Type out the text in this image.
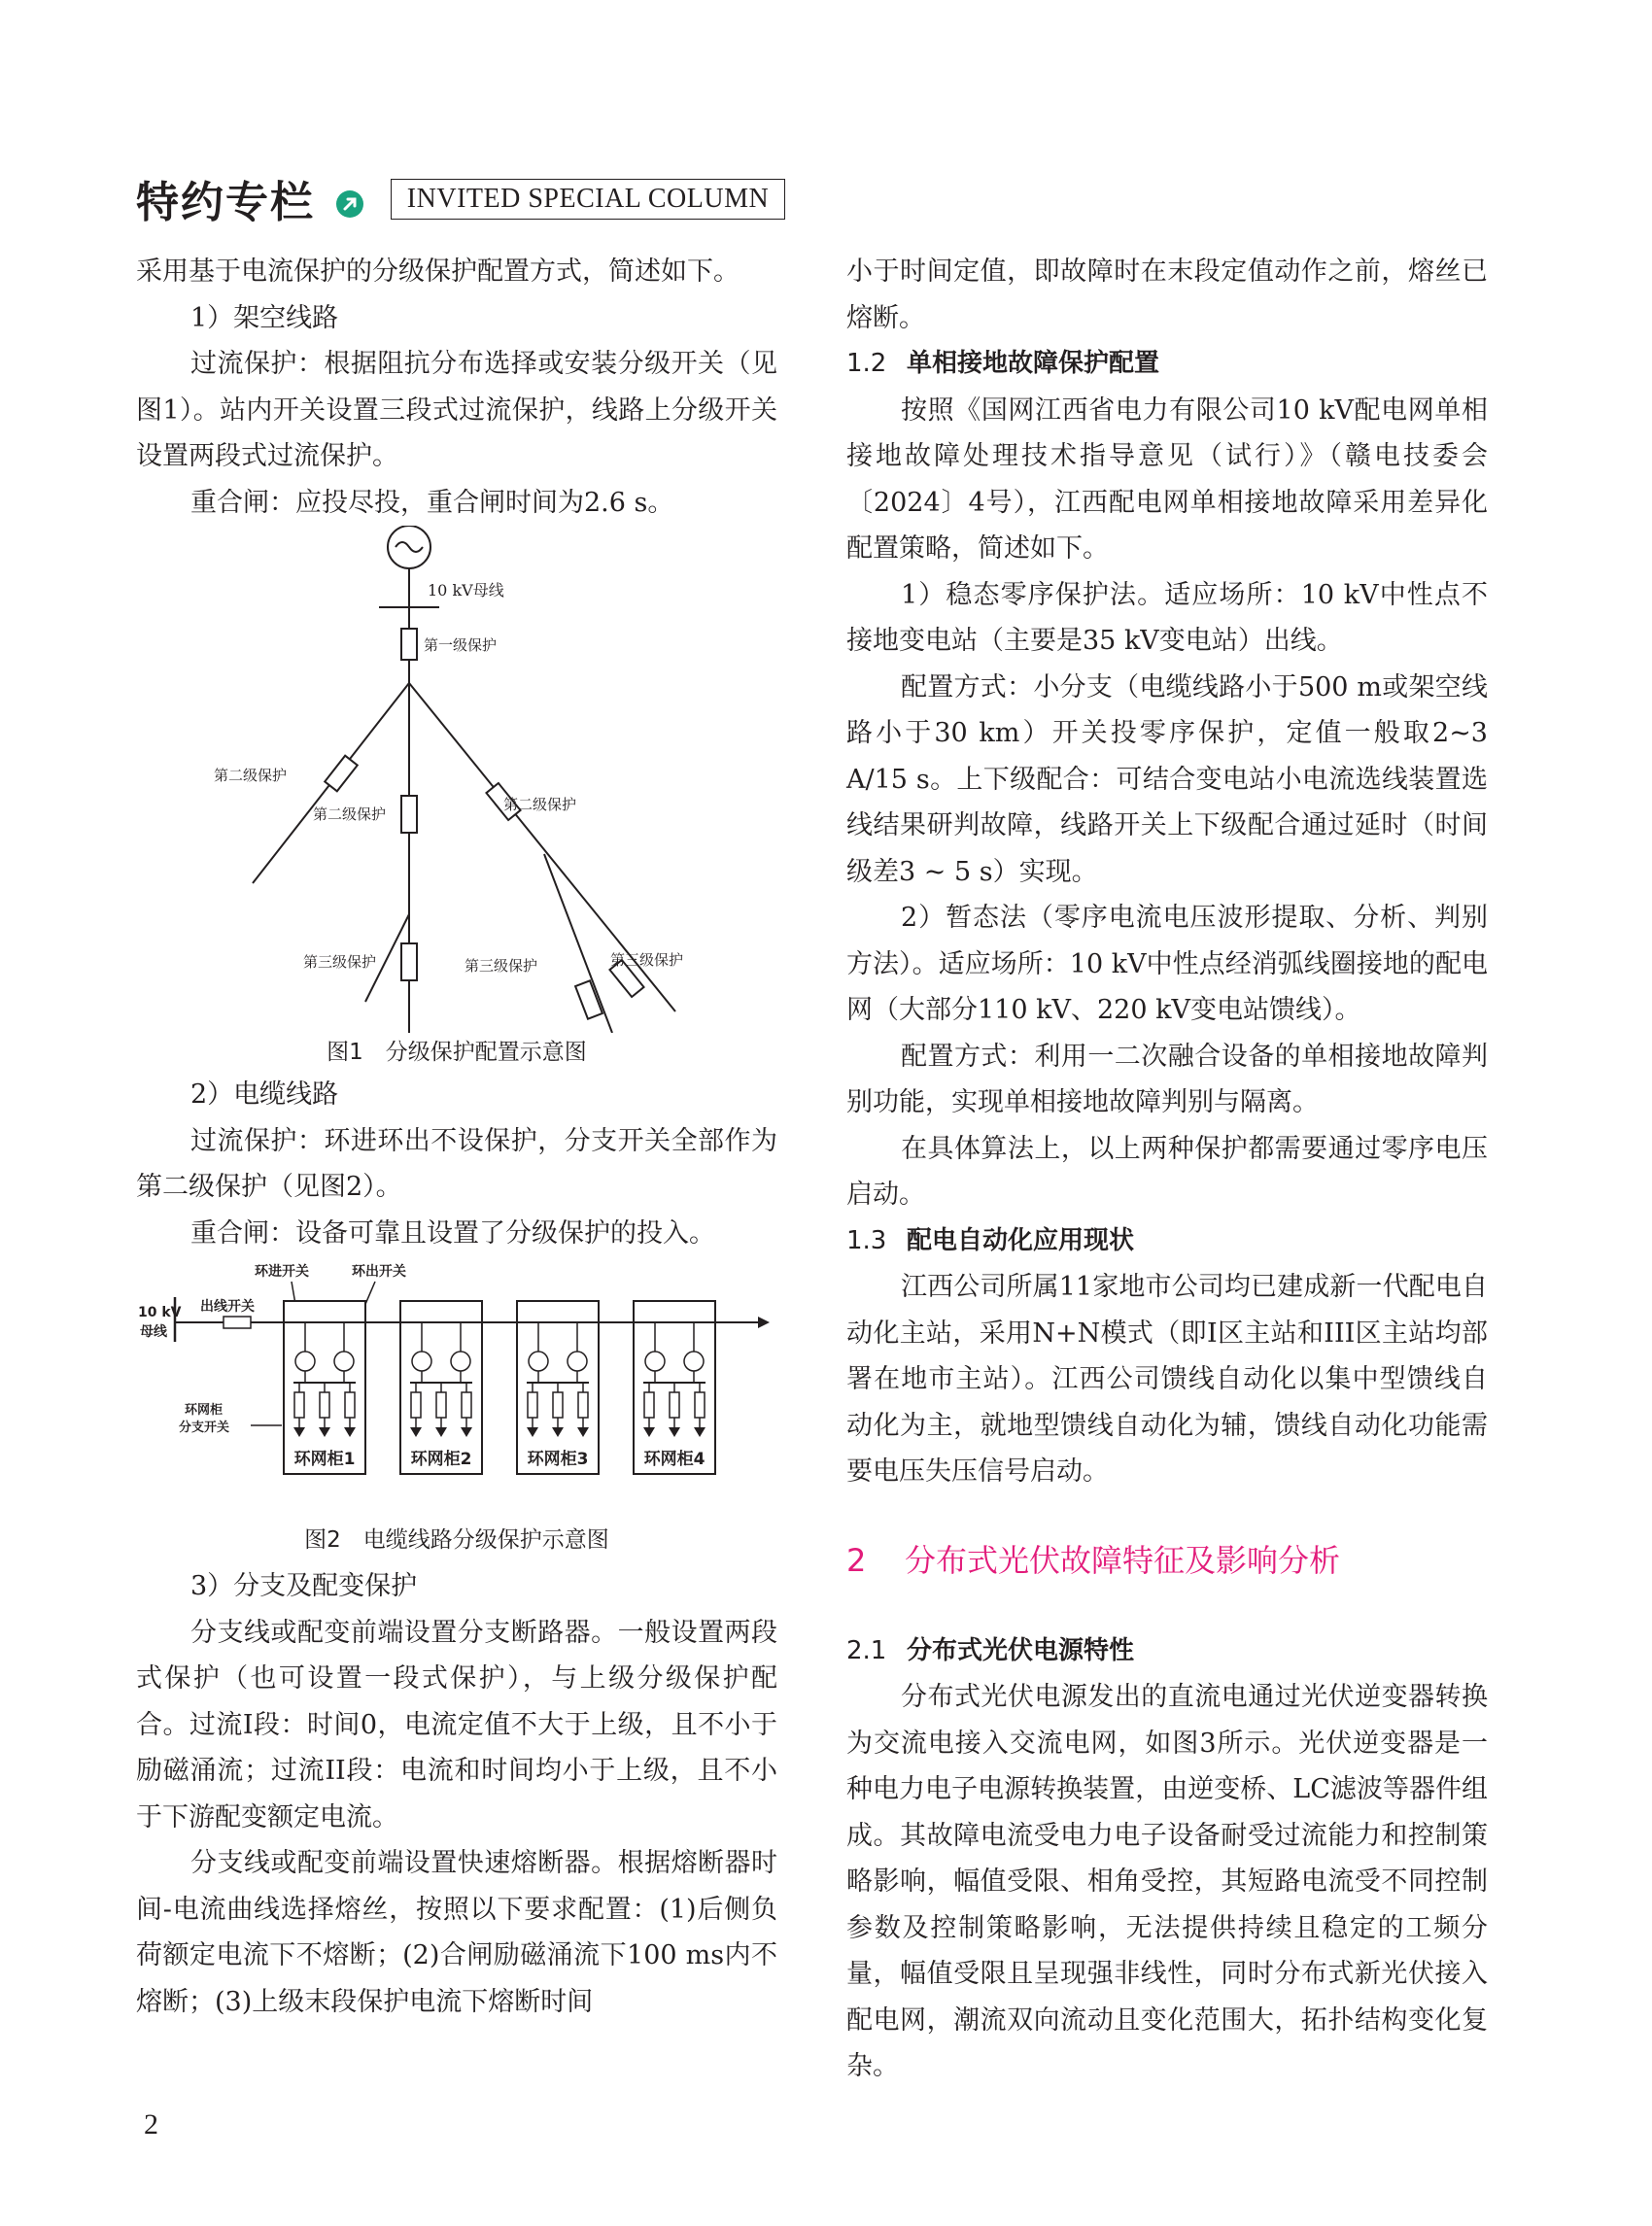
特约专栏	INVITED SPECIAL COLUMN

采用基于电流保护的分级保护配置方式，简述如下。

1）架空线路

过流保护：根据阻抗分布选择或安装分级开关（见图1）。站内开关设置三段式过流保护，线路上分级开关设置两段式过流保护。

重合闸：应投尽投，重合闸时间为2.6 s。

10 kV母线
第一级保护
第二级保护
第二级保护
第二级保护
第三级保护	第三级保护	第三级保护
图1　分级保护配置示意图

2）电缆线路

过流保护：环进环出不设保护，分支开关全部作为第二级保护（见图2）。

重合闸：设备可靠且设置了分级保护的投入。

环进开关	环出开关
10 kV
母线
出线开关
环网柜
分支开关
环网柜1	环网柜2	环网柜3	环网柜4
图2　电缆线路分级保护示意图

3）分支及配变保护

分支线或配变前端设置分支断路器。一般设置两段式保护（也可设置一段式保护），与上级分级保护配合。过流I段：时间0，电流定值不大于上级，且不小于励磁涌流；过流II段：电流和时间均小于上级，且不小于下游配变额定电流。

分支线或配变前端设置快速熔断器。根据熔断器时间-电流曲线选择熔丝，按照以下要求配置：(1)后侧负荷额定电流下不熔断；(2)合闸励磁涌流下100 ms内不熔断；(3)上级末段保护电流下熔断时间

小于时间定值，即故障时在末段定值动作之前，熔丝已熔断。

1.2 单相接地故障保护配置

按照《国网江西省电力有限公司10 kV配电网单相接地故障处理技术指导意见（试行）》（赣电技委会〔2024〕4号），江西配电网单相接地故障采用差异化配置策略，简述如下。

1）稳态零序保护法。适应场所：10 kV中性点不接地变电站（主要是35 kV变电站）出线。

配置方式：小分支（电缆线路小于500 m或架空线路小于30 km）开关投零序保护，定值一般取2~3 A/15 s。上下级配合：可结合变电站小电流选线装置选线结果研判故障，线路开关上下级配合通过延时（时间级差3 ~ 5 s）实现。

2）暂态法（零序电流电压波形提取、分析、判别方法）。适应场所：10 kV中性点经消弧线圈接地的配电网（大部分110 kV、220 kV变电站馈线）。

配置方式：利用一二次融合设备的单相接地故障判别功能，实现单相接地故障判别与隔离。

在具体算法上，以上两种保护都需要通过零序电压启动。

1.3 配电自动化应用现状

江西公司所属11家地市公司均已建成新一代配电自动化主站，采用N+N模式（即I区主站和III区主站均部署在地市主站）。江西公司馈线自动化以集中型馈线自动化为主，就地型馈线自动化为辅，馈线自动化功能需要电压失压信号启动。

2 分布式光伏故障特征及影响分析
2.1 分布式光伏电源特性

分布式光伏电源发出的直流电通过光伏逆变器转换为交流电接入交流电网，如图3所示。光伏逆变器是一种电力电子电源转换装置，由逆变桥、LC滤波等器件组成。其故障电流受电力电子设备耐受过流能力和控制策略影响，幅值受限、相角受控，其短路电流受不同控制参数及控制策略影响，无法提供持续且稳定的工频分量，幅值受限且呈现强非线性，同时分布式新光伏接入配电网，潮流双向流动且变化范围大，拓扑结构变化复杂。

2
